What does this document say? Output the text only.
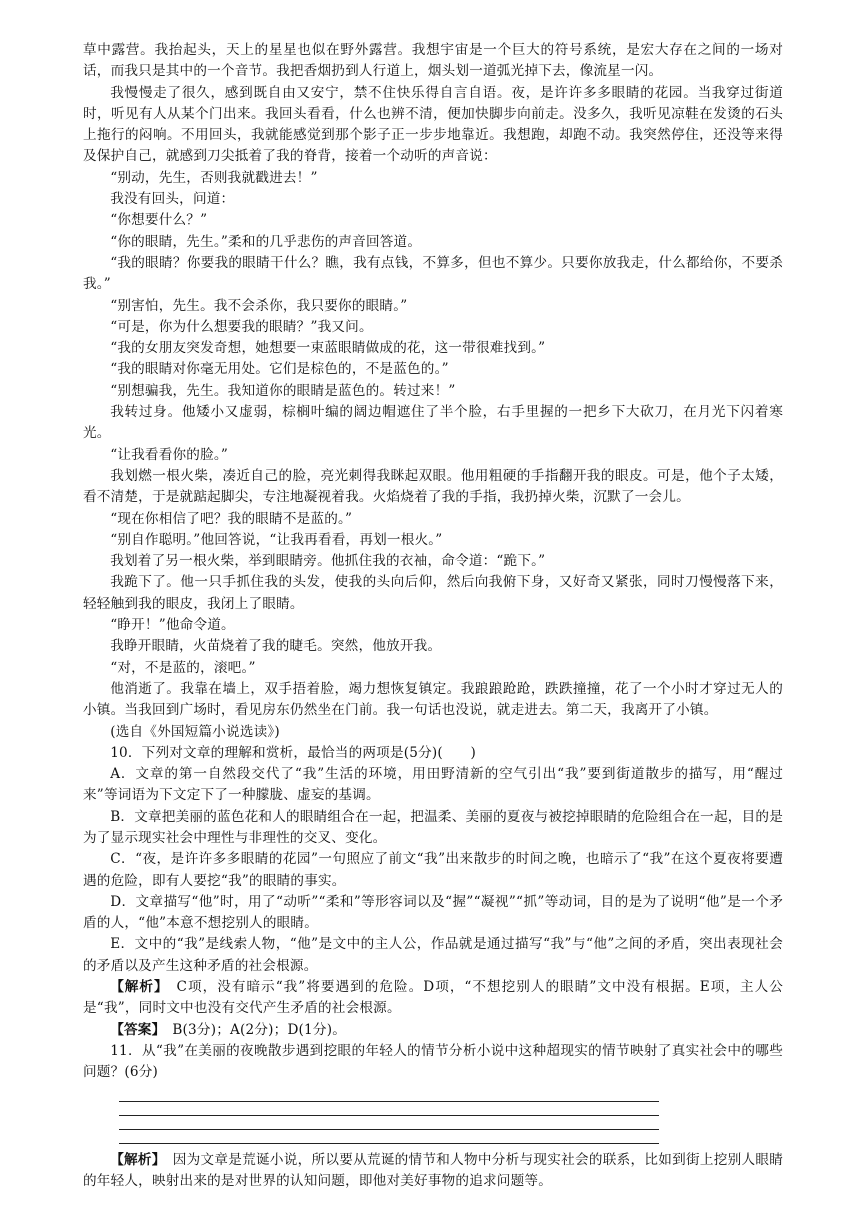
草中露营。我抬起头，天上的星星也似在野外露营。我想宇宙是一个巨大的符号系统，是宏大存在之间的一场对话，而我只是其中的一个音节。我把香烟扔到人行道上，烟头划一道弧光掉下去，像流星一闪。

我慢慢走了很久，感到既自由又安宁，禁不住快乐得自言自语。夜，是许许多多眼睛的花园。当我穿过街道时，听见有人从某个门出来。我回头看看，什么也辨不清，便加快脚步向前走。没多久，我听见凉鞋在发烫的石头上拖行的闷响。不用回头，我就能感觉到那个影子正一步步地靠近。我想跑，却跑不动。我突然停住，还没等来得及保护自己，就感到刀尖抵着了我的脊背，接着一个动听的声音说：

“别动，先生，否则我就戳进去！”

我没有回头，问道：

“你想要什么？”

“你的眼睛，先生。”柔和的几乎悲伤的声音回答道。

“我的眼睛？你要我的眼睛干什么？瞧，我有点钱，不算多，但也不算少。只要你放我走，什么都给你，不要杀我。”

“别害怕，先生。我不会杀你，我只要你的眼睛。”

“可是，你为什么想要我的眼睛？”我又问。

“我的女朋友突发奇想，她想要一束蓝眼睛做成的花，这一带很难找到。”

“我的眼睛对你毫无用处。它们是棕色的，不是蓝色的。”

“别想骗我，先生。我知道你的眼睛是蓝色的。转过来！”

我转过身。他矮小又虚弱，棕榈叶编的阔边帽遮住了半个脸，右手里握的一把乡下大砍刀，在月光下闪着寒光。

“让我看看你的脸。”

我划燃一根火柴，凑近自己的脸，亮光刺得我眯起双眼。他用粗硬的手指翻开我的眼皮。可是，他个子太矮，看不清楚，于是就踮起脚尖，专注地凝视着我。火焰烧着了我的手指，我扔掉火柴，沉默了一会儿。

“现在你相信了吧？我的眼睛不是蓝的。”

“别自作聪明。”他回答说，“让我再看看，再划一根火。”

我划着了另一根火柴，举到眼睛旁。他抓住我的衣袖，命令道：“跪下。”

我跪下了。他一只手抓住我的头发，使我的头向后仰，然后向我俯下身，又好奇又紧张，同时刀慢慢落下来，轻轻触到我的眼皮，我闭上了眼睛。

“睁开！”他命令道。

我睁开眼睛，火苗烧着了我的睫毛。突然，他放开我。

“对，不是蓝的，滚吧。”

他消逝了。我靠在墙上，双手捂着脸，竭力想恢复镇定。我踉踉跄跄，跌跌撞撞，花了一个小时才穿过无人的小镇。当我回到广场时，看见房东仍然坐在门前。我一句话也没说，就走进去。第二天，我离开了小镇。

(选自《外国短篇小说选读》)

10．下列对文章的理解和赏析，最恰当的两项是(5分)(　　)

A．文章的第一自然段交代了“我”生活的环境，用田野清新的空气引出“我”要到街道散步的描写，用“醒过来”等词语为下文定下了一种朦胧、虚妄的基调。

B．文章把美丽的蓝色花和人的眼睛组合在一起，把温柔、美丽的夏夜与被挖掉眼睛的危险组合在一起，目的是为了显示现实社会中理性与非理性的交叉、变化。

C．“夜，是许许多多眼睛的花园”一句照应了前文“我”出来散步的时间之晚，也暗示了“我”在这个夏夜将要遭遇的危险，即有人要挖“我”的眼睛的事实。

D．文章描写“他”时，用了“动听”“柔和”等形容词以及“握”“凝视”“抓”等动词，目的是为了说明“他”是一个矛盾的人，“他”本意不想挖别人的眼睛。

E．文中的“我”是线索人物，“他”是文中的主人公，作品就是通过描写“我”与“他”之间的矛盾，突出表现社会的矛盾以及产生这种矛盾的社会根源。

【解析】　C项，没有暗示“我”将要遇到的危险。D项，“不想挖别人的眼睛”文中没有根据。E项，主人公是“我”，同时文中也没有交代产生矛盾的社会根源。

【答案】　B(3分)；A(2分)；D(1分)。

11．从“我”在美丽的夜晚散步遇到挖眼的年轻人的情节分析小说中这种超现实的情节映射了真实社会中的哪些问题？(6分)

【解析】　因为文章是荒诞小说，所以要从荒诞的情节和人物中分析与现实社会的联系，比如到街上挖别人眼睛的年轻人，映射出来的是对世界的认知问题，即他对美好事物的追求问题等。
